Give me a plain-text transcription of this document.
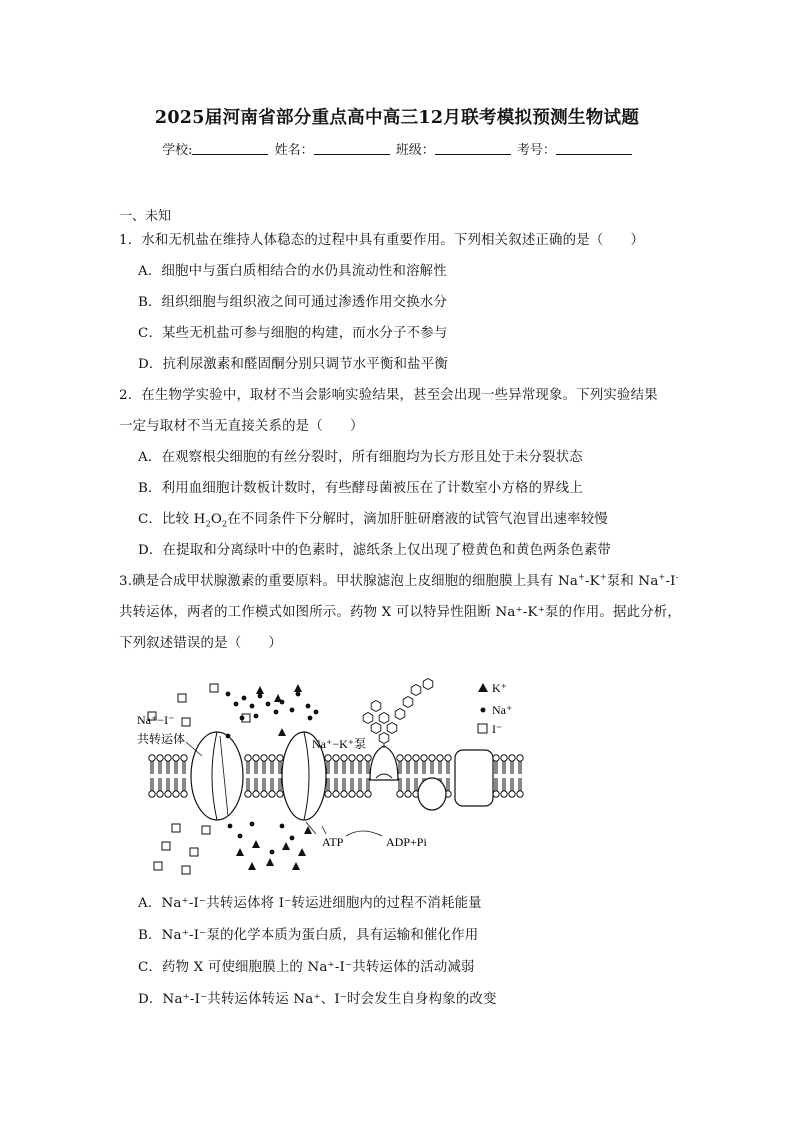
2025届河南省部分重点高中高三12月联考模拟预测生物试题
学校:	姓名：	班级：	考号：
一、未知
1．水和无机盐在维持人体稳态的过程中具有重要作用。下列相关叙述正确的是（　　）
A．细胞中与蛋白质相结合的水仍具流动性和溶解性
B．组织细胞与组织液之间可通过渗透作用交换水分
C．某些无机盐可参与细胞的构建，而水分子不参与
D．抗利尿激素和醛固酮分别只调节水平衡和盐平衡
2．在生物学实验中，取材不当会影响实验结果，甚至会出现一些异常现象。下列实验结果
一定与取材不当无直接关系的是（　　）
A．在观察根尖细胞的有丝分裂时，所有细胞均为长方形且处于未分裂状态
B．利用血细胞计数板计数时，有些酵母菌被压在了计数室小方格的界线上
C．比较 $H_2O_2$在不同条件下分解时，滴加肝脏研磨液的试管气泡冒出速率较慢
D．在提取和分离绿叶中的色素时，滤纸条上仅出现了橙黄色和黄色两条色素带
3.碘是合成甲状腺激素的重要原料。甲状腺滤泡上皮细胞的细胞膜上具有 Na+-K+泵和 Na+-I-
共转运体，两者的工作模式如图所示。药物 X 可以特异性阻断 Na⁺-K⁺泵的作用。据此分析，
下列叙述错误的是（　　）
Na⁺−I⁻
共转运体	Na⁺−K⁺泵
ATP	ADP+Pi
K⁺
Na⁺
I⁻
A．Na⁺-I⁻共转运体将 I⁻转运进细胞内的过程不消耗能量
B．Na⁺-I⁻泵的化学本质为蛋白质，具有运输和催化作用
C．药物 X 可使细胞膜上的 Na⁺-I⁻共转运体的活动减弱
D．Na⁺-I⁻共转运体转运 Na⁺、I⁻时会发生自身构象的改变
